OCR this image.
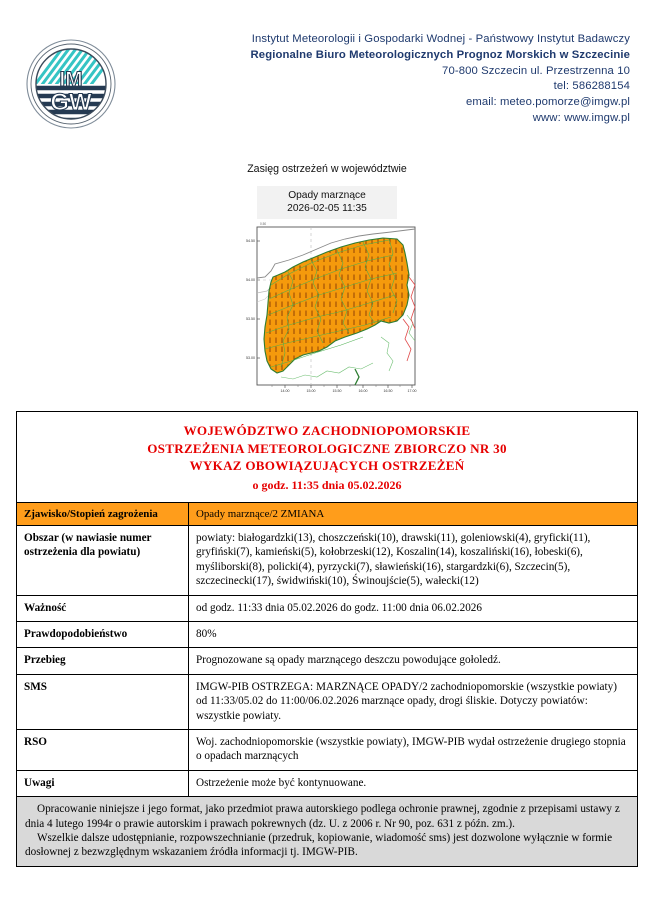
IM
GW
Instytut Meteorologii i Gospodarki Wodnej - Państwowy Instytut Badawczy
Regionalne Biuro Meteorologicznych Prognoz Morskich w Szczecinie
70-800 Szczecin ul. Przestrzenna 10
tel: 586288154
email: meteo.pomorze@imgw.pl
www: www.imgw.pl
Zasięg ostrzeżeń w województwie
Opady marznące
2026-02-05 11:35
0.50
54.50
54.00
53.50
53.00
14.00	15.00	15.50	16.00	16.50	17.00
WOJEWÓDZTWO ZACHODNIOPOMORSKIE
OSTRZEŻENIA METEOROLOGICZNE ZBIORCZO NR 30
WYKAZ OBOWIĄZUJĄCYCH OSTRZEŻEŃ
o godz. 11:35 dnia 05.02.2026	

Zjawisko/Stopień zagrożenia	Opady marznące/2 ZMIANA
Obszar (w nawiasie numer ostrzeżenia dla powiatu)	powiaty: białogardzki(13), choszczeński(10), drawski(11), goleniowski(4), gryficki(11), gryfiński(7), kamieński(5), kołobrzeski(12), Koszalin(14), koszaliński(16), łobeski(6), myśliborski(8), policki(4), pyrzycki(7), sławieński(16), stargardzki(6), Szczecin(5), szczecinecki(17), świdwiński(10), Świnoujście(5), wałecki(12)
Ważność	od godz. 11:33 dnia 05.02.2026 do godz. 11:00 dnia 06.02.2026
Prawdopodobieństwo	80%
Przebieg	Prognozowane są opady marznącego deszczu powodujące gołoledź.
SMS	IMGW-PIB OSTRZEGA: MARZNĄCE OPADY/2 zachodniopomorskie (wszystkie powiaty) od 11:33/05.02 do 11:00/06.02.2026 marznące opady, drogi śliskie. Dotyczy powiatów: wszystkie powiaty.
RSO	Woj. zachodniopomorskie (wszystkie powiaty), IMGW-PIB wydał ostrzeżenie drugiego stopnia o opadach marznących
Uwagi	Ostrzeżenie może być kontynuowane.

Opracowanie niniejsze i jego format, jako przedmiot prawa autorskiego podlega ochronie prawnej, zgodnie z przepisami ustawy z dnia 4 lutego 1994r o prawie autorskim i prawach pokrewnych (dz. U. z 2006 r. Nr 90, poz. 631 z późn. zm.).

Wszelkie dalsze udostępnianie, rozpowszechnianie (przedruk, kopiowanie, wiadomość sms) jest dozwolone wyłącznie w formie dosłownej z bezwzględnym wskazaniem źródła informacji tj. IMGW-PIB.	
